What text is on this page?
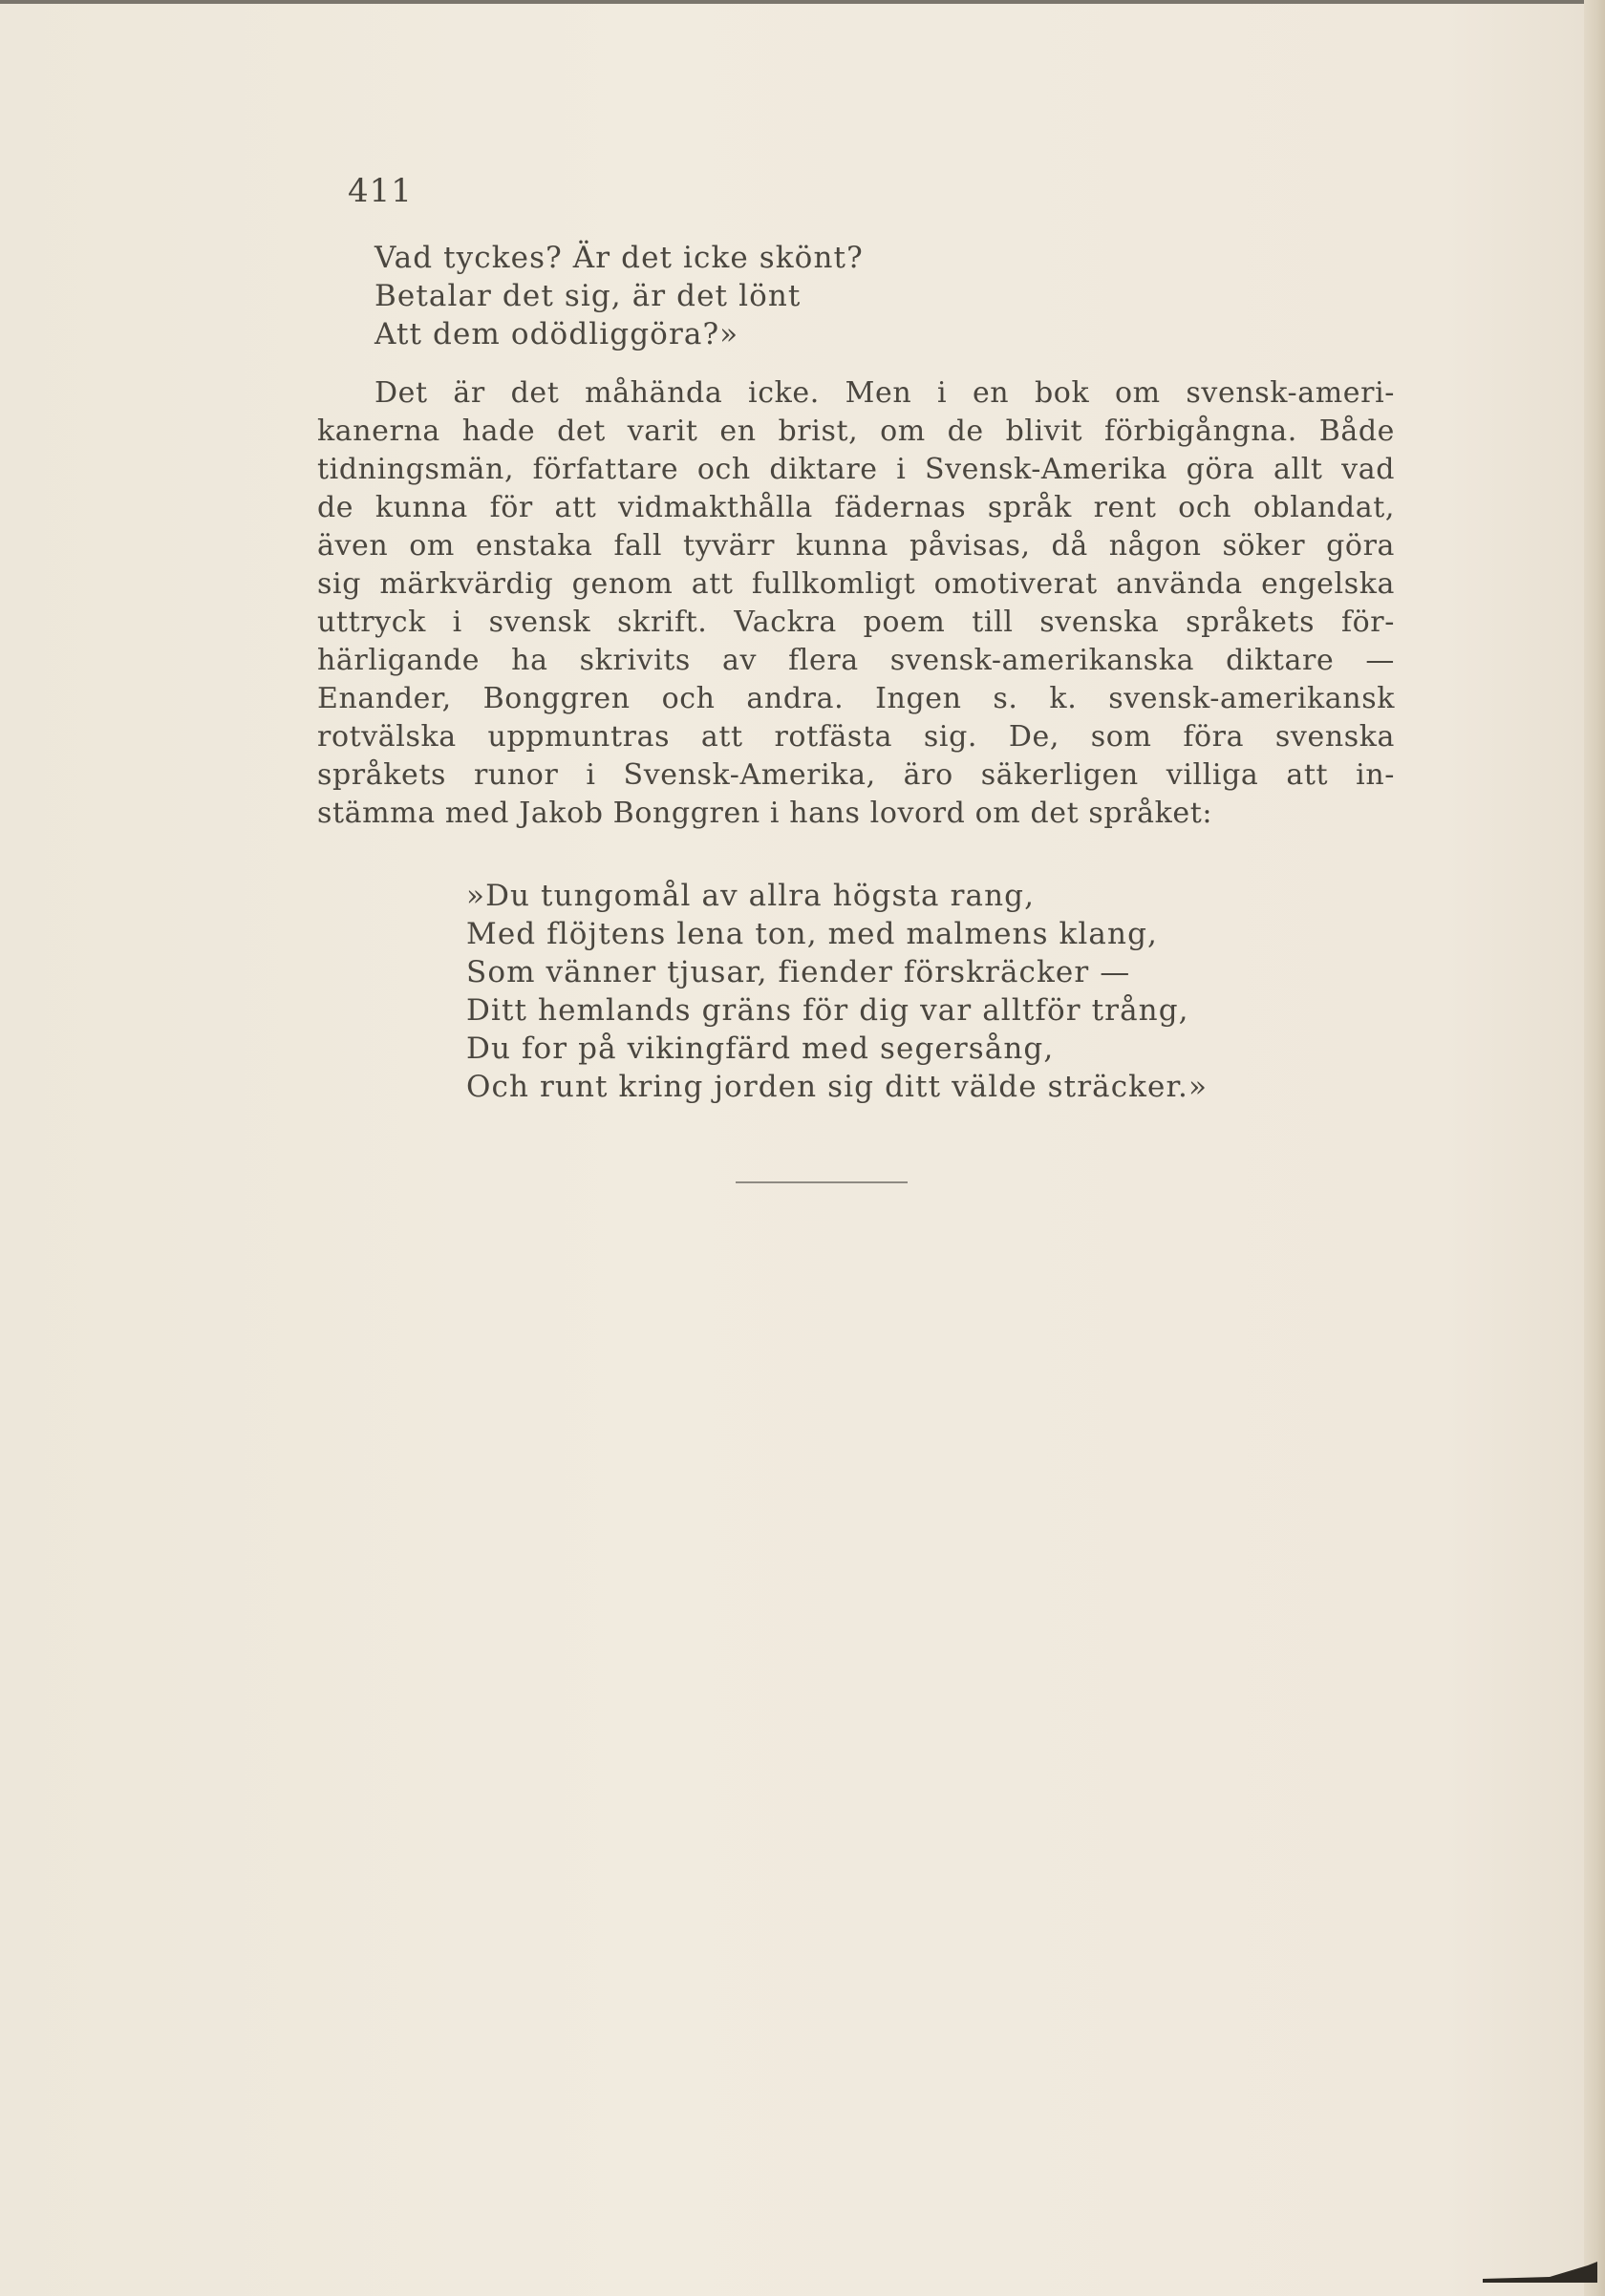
411
Vad tyckes? Är det icke skönt?
Betalar det sig, är det lönt
Att dem odödliggöra?»
Det är det måhända icke. Men i en bok om svensk-ameri-
kanerna hade det varit en brist, om de blivit förbigångna. Både
tidningsmän, författare och diktare i Svensk-Amerika göra allt vad
de kunna för att vidmakthålla fädernas språk rent och oblandat,
även om enstaka fall tyvärr kunna påvisas, då någon söker göra
sig märkvärdig genom att fullkomligt omotiverat använda engelska
uttryck i svensk skrift. Vackra poem till svenska språkets för-
härligande ha skrivits av flera svensk-amerikanska diktare —
Enander, Bonggren och andra. Ingen s. k. svensk-amerikansk
rotvälska uppmuntras att rotfästa sig. De, som föra svenska
språkets runor i Svensk-Amerika, äro säkerligen villiga att in-
stämma med Jakob Bonggren i hans lovord om det språket:
»Du tungomål av allra högsta rang,
Med flöjtens lena ton, med malmens klang,
Som vänner tjusar, fiender förskräcker —
Ditt hemlands gräns för dig var alltför trång,
Du for på vikingfärd med segersång,
Och runt kring jorden sig ditt välde sträcker.»
